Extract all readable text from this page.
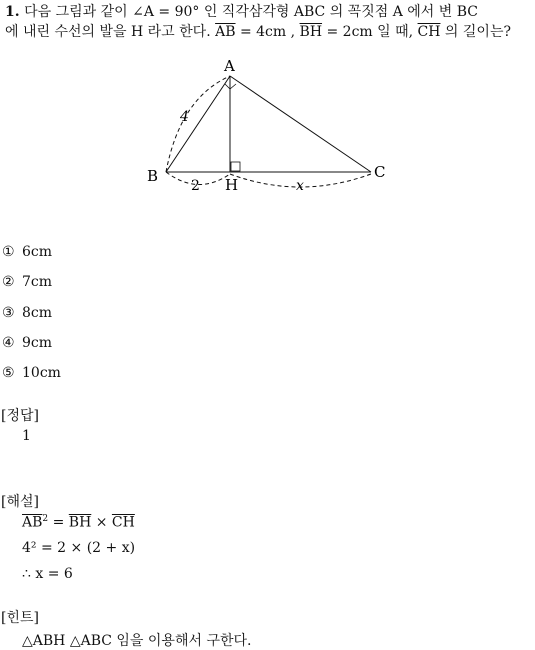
1. 다음 그림과 같이 ∠A = 90° 인 직각삼각형 ABC 의 꼭짓점 A 에서 변 BC
에 내린 수선의 발을 H 라고 한다. $\overline{AB} = 4cm$ , $\overline{BH} = 2cm$ 일 때, $\overline{CH}$ 의 길이는?
A
B	C
H
4
2	x
① 6cm
② 7cm
③ 8cm
④ 9cm
⑤ 10cm
[정답]
1
[해설]
$\overline{AB}^2 = \overline{BH} \times \overline{CH}$
4² = 2 × (2 + x)
∴ x = 6
[힌트]
△ABH △ABC 임을 이용해서 구한다.
